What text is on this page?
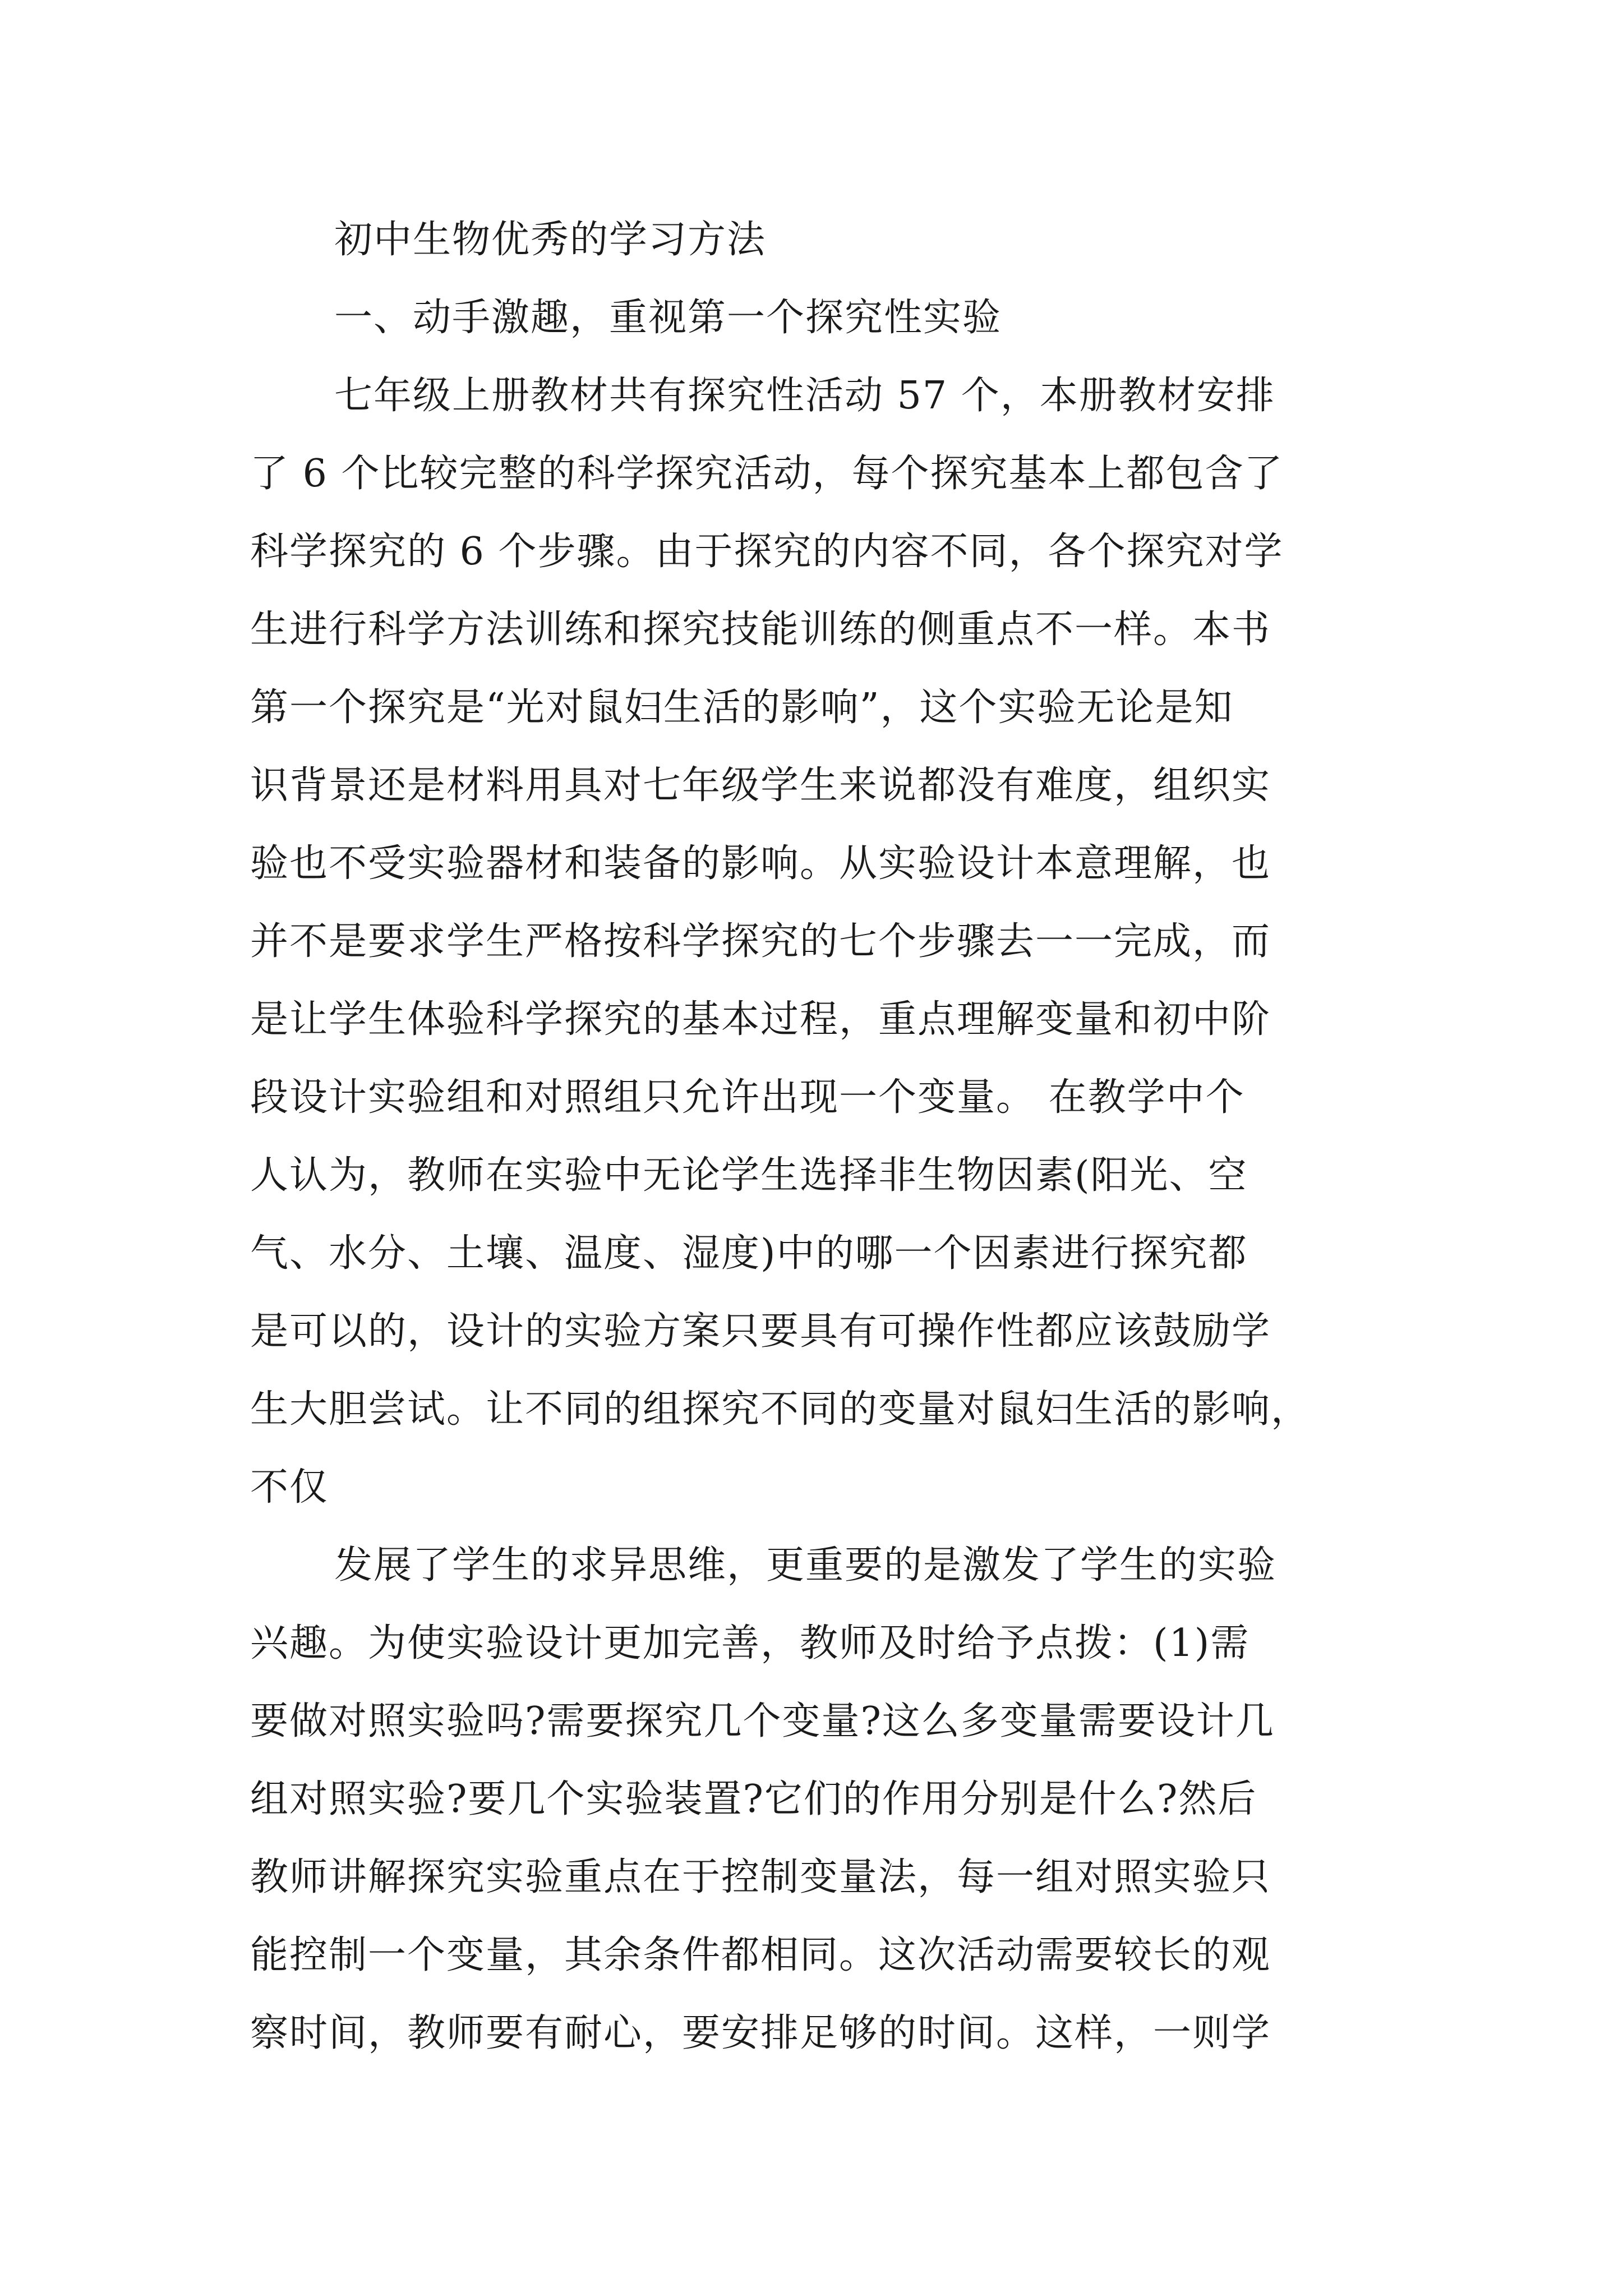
初中生物优秀的学习方法
一、动手激趣，重视第一个探究性实验
七年级上册教材共有探究性活动 57 个，本册教材安排
了 6 个比较完整的科学探究活动，每个探究基本上都包含了
科学探究的 6 个步骤。由于探究的内容不同，各个探究对学
生进行科学方法训练和探究技能训练的侧重点不一样。本书
第一个探究是“光对鼠妇生活的影响”，这个实验无论是知
识背景还是材料用具对七年级学生来说都没有难度，组织实
验也不受实验器材和装备的影响。从实验设计本意理解，也
并不是要求学生严格按科学探究的七个步骤去一一完成，而
是让学生体验科学探究的基本过程，重点理解变量和初中阶
段设计实验组和对照组只允许出现一个变量。 在教学中个
人认为，教师在实验中无论学生选择非生物因素(阳光、空
气、水分、土壤、温度、湿度)中的哪一个因素进行探究都
是可以的，设计的实验方案只要具有可操作性都应该鼓励学
生大胆尝试。让不同的组探究不同的变量对鼠妇生活的影响，
不仅
发展了学生的求异思维，更重要的是激发了学生的实验
兴趣。为使实验设计更加完善，教师及时给予点拨：(1)需
要做对照实验吗?需要探究几个变量?这么多变量需要设计几
组对照实验?要几个实验装置?它们的作用分别是什么?然后
教师讲解探究实验重点在于控制变量法，每一组对照实验只
能控制一个变量，其余条件都相同。这次活动需要较长的观
察时间，教师要有耐心，要安排足够的时间。这样，一则学
